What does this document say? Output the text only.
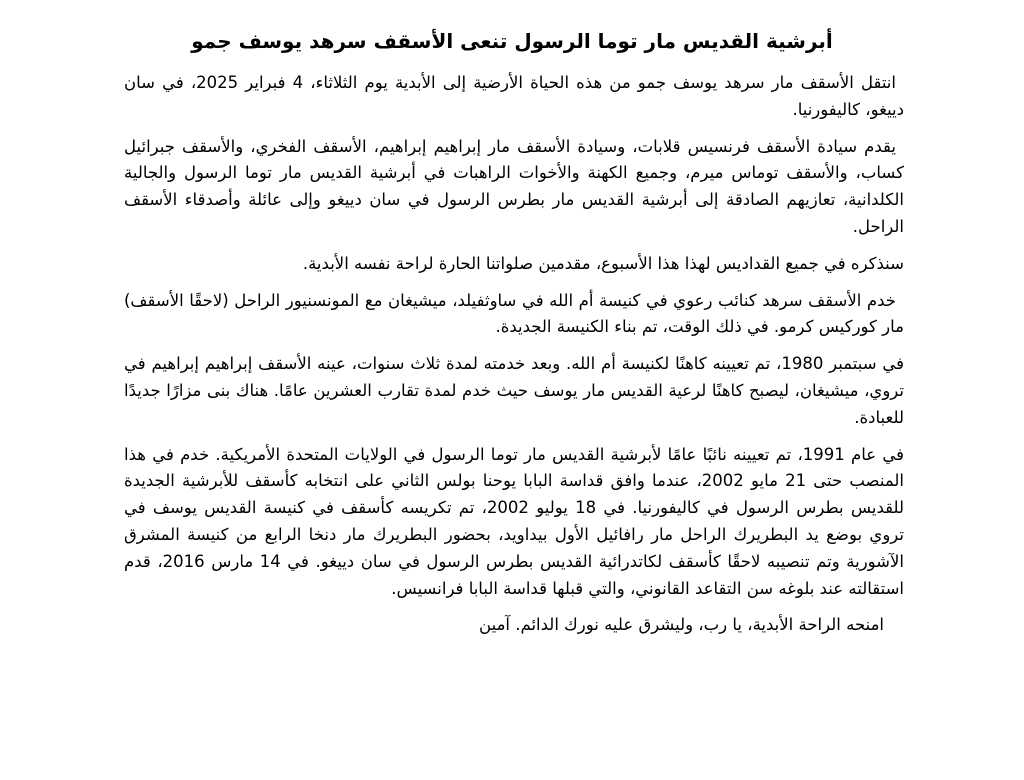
أبرشية القديس مار توما الرسول تنعى الأسقف سرهد يوسف جمو

انتقل الأسقف مار سرهد يوسف جمو من هذه الحياة الأرضية إلى الأبدية يوم الثلاثاء، 4 فبراير 2025، في سان دييغو، كاليفورنيا.

يقدم سيادة الأسقف فرنسيس قلابات، وسيادة الأسقف مار إبراهيم إبراهيم، الأسقف الفخري، والأسقف جبرائيل كساب، والأسقف توماس ميرم، وجميع الكهنة والأخوات الراهبات في أبرشية القديس مار توما الرسول والجالية الكلدانية، تعازيهم الصادقة إلى أبرشية القديس مار بطرس الرسول في سان دييغو وإلى عائلة وأصدقاء الأسقف الراحل.

سنذكره في جميع القداديس لهذا هذا الأسبوع، مقدمين صلواتنا الحارة لراحة نفسه الأبدية.

خدم الأسقف سرهد كنائب رعوي في كنيسة أم الله في ساوثفيلد، ميشيغان مع المونسنيور الراحل (لاحقًا الأسقف) مار كوركيس كرمو. في ذلك الوقت، تم بناء الكنيسة الجديدة.

في سبتمبر 1980، تم تعيينه كاهنًا لكنيسة أم الله. وبعد خدمته لمدة ثلاث سنوات، عينه الأسقف إبراهيم إبراهيم في تروي، ميشيغان، ليصبح كاهنًا لرعية القديس مار يوسف حيث خدم لمدة تقارب العشرين عامًا. هناك بنى مزارًا جديدًا للعبادة.

في عام 1991، تم تعيينه نائبًا عامًا لأبرشية القديس مار توما الرسول في الولايات المتحدة الأمريكية. خدم في هذا المنصب حتى 21 مايو 2002، عندما وافق قداسة البابا يوحنا بولس الثاني على انتخابه كأسقف للأبرشية الجديدة للقديس بطرس الرسول في كاليفورنيا. في 18 يوليو 2002، تم تكريسه كأسقف في كنيسة القديس يوسف في تروي بوضع يد البطريرك الراحل مار رافائيل الأول بيداويد، بحضور البطريرك مار دنخا الرابع من كنيسة المشرق الآشورية وتم تنصيبه لاحقًا كأسقف لكاتدرائية القديس بطرس الرسول في سان دييغو. في 14 مارس 2016، قدم استقالته عند بلوغه سن التقاعد القانوني، والتي قبلها قداسة البابا فرانسيس.

امنحه الراحة الأبدية، يا رب، وليشرق عليه نورك الدائم. آمين
